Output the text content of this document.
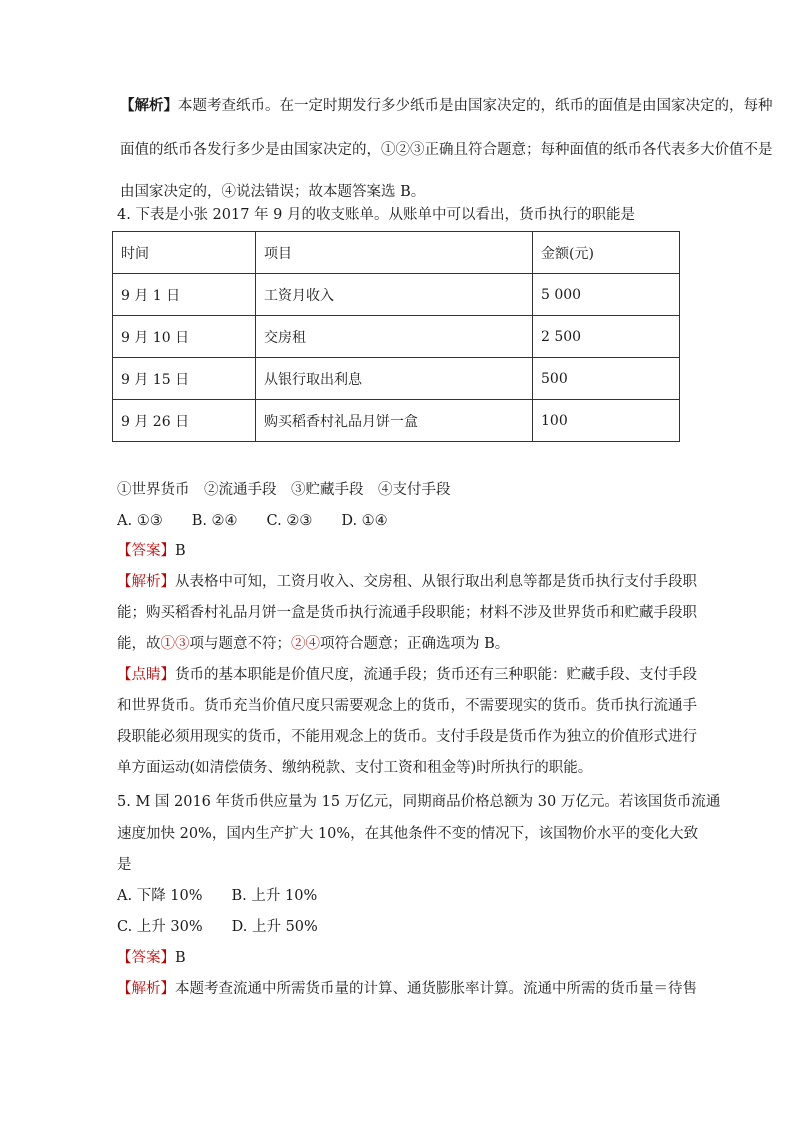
【解析】本题考查纸币。在一定时期发行多少纸币是由国家决定的，纸币的面值是由国家决定的，每种
面值的纸币各发行多少是由国家决定的，①②③正确且符合题意；每种面值的纸币各代表多大价值不是
由国家决定的，④说法错误；故本题答案选 B。
4. 下表是小张 2017 年 9 月的收支账单。从账单中可以看出，货币执行的职能是
时间	项目	金额(元)
9 月 1 日	工资月收入	5 000
9 月 10 日	交房租	2 500
9 月 15 日	从银行取出利息	500
9 月 26 日	购买稻香村礼品月饼一盒	100
①世界货币　②流通手段　③贮藏手段　④支付手段
A. ①③　　B. ②④　　C. ②③　　D. ①④
【答案】B
【解析】从表格中可知，工资月收入、交房租、从银行取出利息等都是货币执行支付手段职
能；购买稻香村礼品月饼一盒是货币执行流通手段职能；材料不涉及世界货币和贮藏手段职
能，故①③项与题意不符；②④项符合题意；正确选项为 B。
【点睛】货币的基本职能是价值尺度，流通手段；货币还有三种职能：贮藏手段、支付手段
和世界货币。货币充当价值尺度只需要观念上的货币，不需要现实的货币。货币执行流通手
段职能必须用现实的货币，不能用观念上的货币。支付手段是货币作为独立的价值形式进行
单方面运动(如清偿债务、缴纳税款、支付工资和租金等)时所执行的职能。
5. M 国 2016 年货币供应量为 15 万亿元，同期商品价格总额为 30 万亿元。若该国货币流通
速度加快 20%，国内生产扩大 10%，在其他条件不变的情况下，该国物价水平的变化大致
是
A. 下降 10%　　B. 上升 10%
C. 上升 30%　　D. 上升 50%
【答案】B
【解析】本题考查流通中所需货币量的计算、通货膨胀率计算。流通中所需的货币量＝待售
